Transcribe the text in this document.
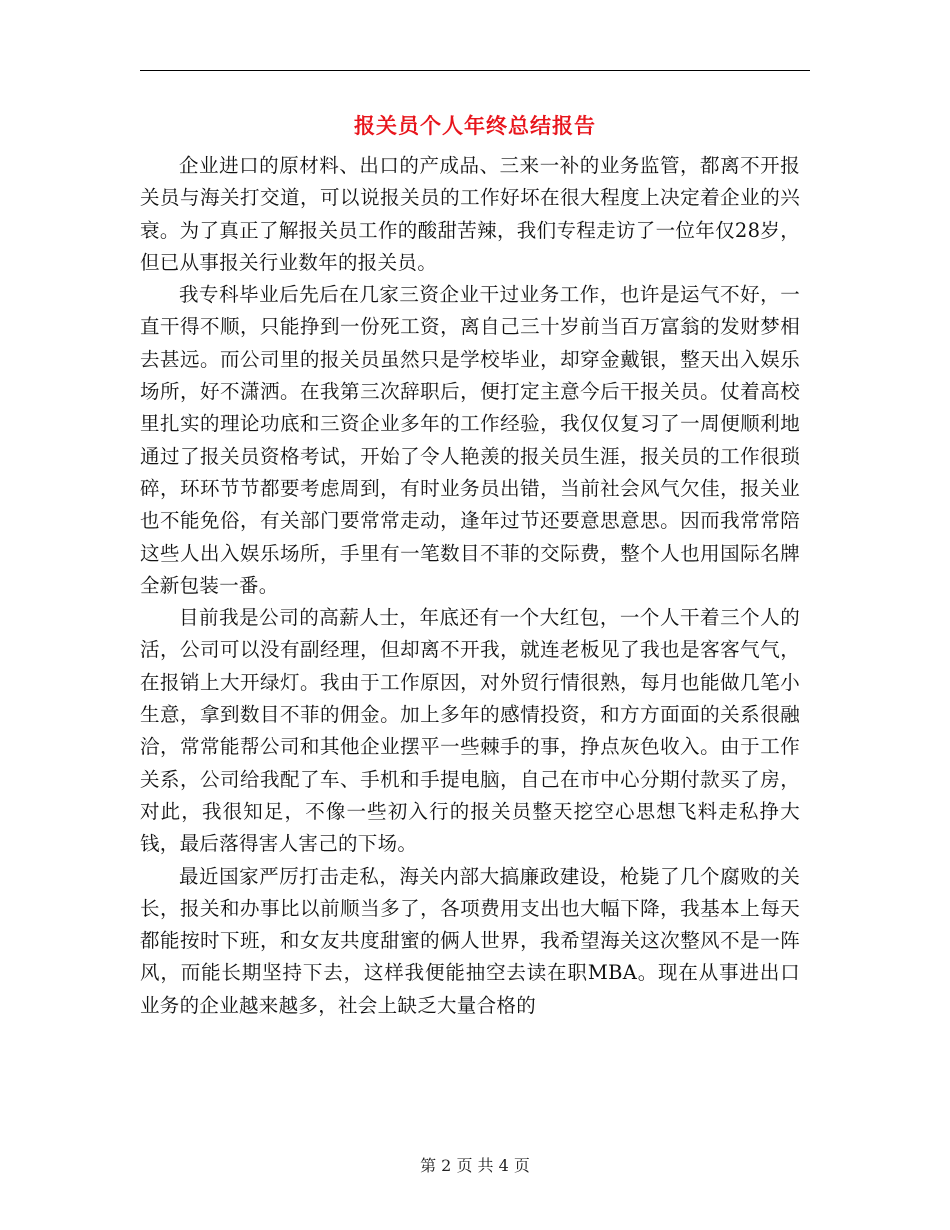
报关员个人年终总结报告

企业进口的原材料、出口的产成品、三来一补的业务监管，都离不开报关员与海关打交道，可以说报关员的工作好坏在很大程度上决定着企业的兴衰。为了真正了解报关员工作的酸甜苦辣，我们专程走访了一位年仅28岁，但已从事报关行业数年的报关员。

我专科毕业后先后在几家三资企业干过业务工作，也许是运气不好，一直干得不顺，只能挣到一份死工资，离自己三十岁前当百万富翁的发财梦相去甚远。而公司里的报关员虽然只是学校毕业，却穿金戴银，整天出入娱乐场所，好不潇洒。在我第三次辞职后，便打定主意今后干报关员。仗着高校里扎实的理论功底和三资企业多年的工作经验，我仅仅复习了一周便顺利地通过了报关员资格考试，开始了令人艳羡的报关员生涯，报关员的工作很琐碎，环环节节都要考虑周到，有时业务员出错，当前社会风气欠佳，报关业也不能免俗，有关部门要常常走动，逢年过节还要意思意思。因而我常常陪这些人出入娱乐场所，手里有一笔数目不菲的交际费，整个人也用国际名牌全新包装一番。

目前我是公司的高薪人士，年底还有一个大红包，一个人干着三个人的活，公司可以没有副经理，但却离不开我，就连老板见了我也是客客气气，在报销上大开绿灯。我由于工作原因，对外贸行情很熟，每月也能做几笔小生意，拿到数目不菲的佣金。加上多年的感情投资，和方方面面的关系很融洽，常常能帮公司和其他企业摆平一些棘手的事，挣点灰色收入。由于工作关系，公司给我配了车、手机和手提电脑，自己在市中心分期付款买了房，对此，我很知足，不像一些初入行的报关员整天挖空心思想飞料走私挣大钱，最后落得害人害己的下场。

最近国家严厉打击走私，海关内部大搞廉政建设，枪毙了几个腐败的关长，报关和办事比以前顺当多了，各项费用支出也大幅下降，我基本上每天都能按时下班，和女友共度甜蜜的俩人世界，我希望海关这次整风不是一阵风，而能长期坚持下去，这样我便能抽空去读在职MBA。现在从事进出口业务的企业越来越多，社会上缺乏大量合格的

第 2 页 共 4 页
